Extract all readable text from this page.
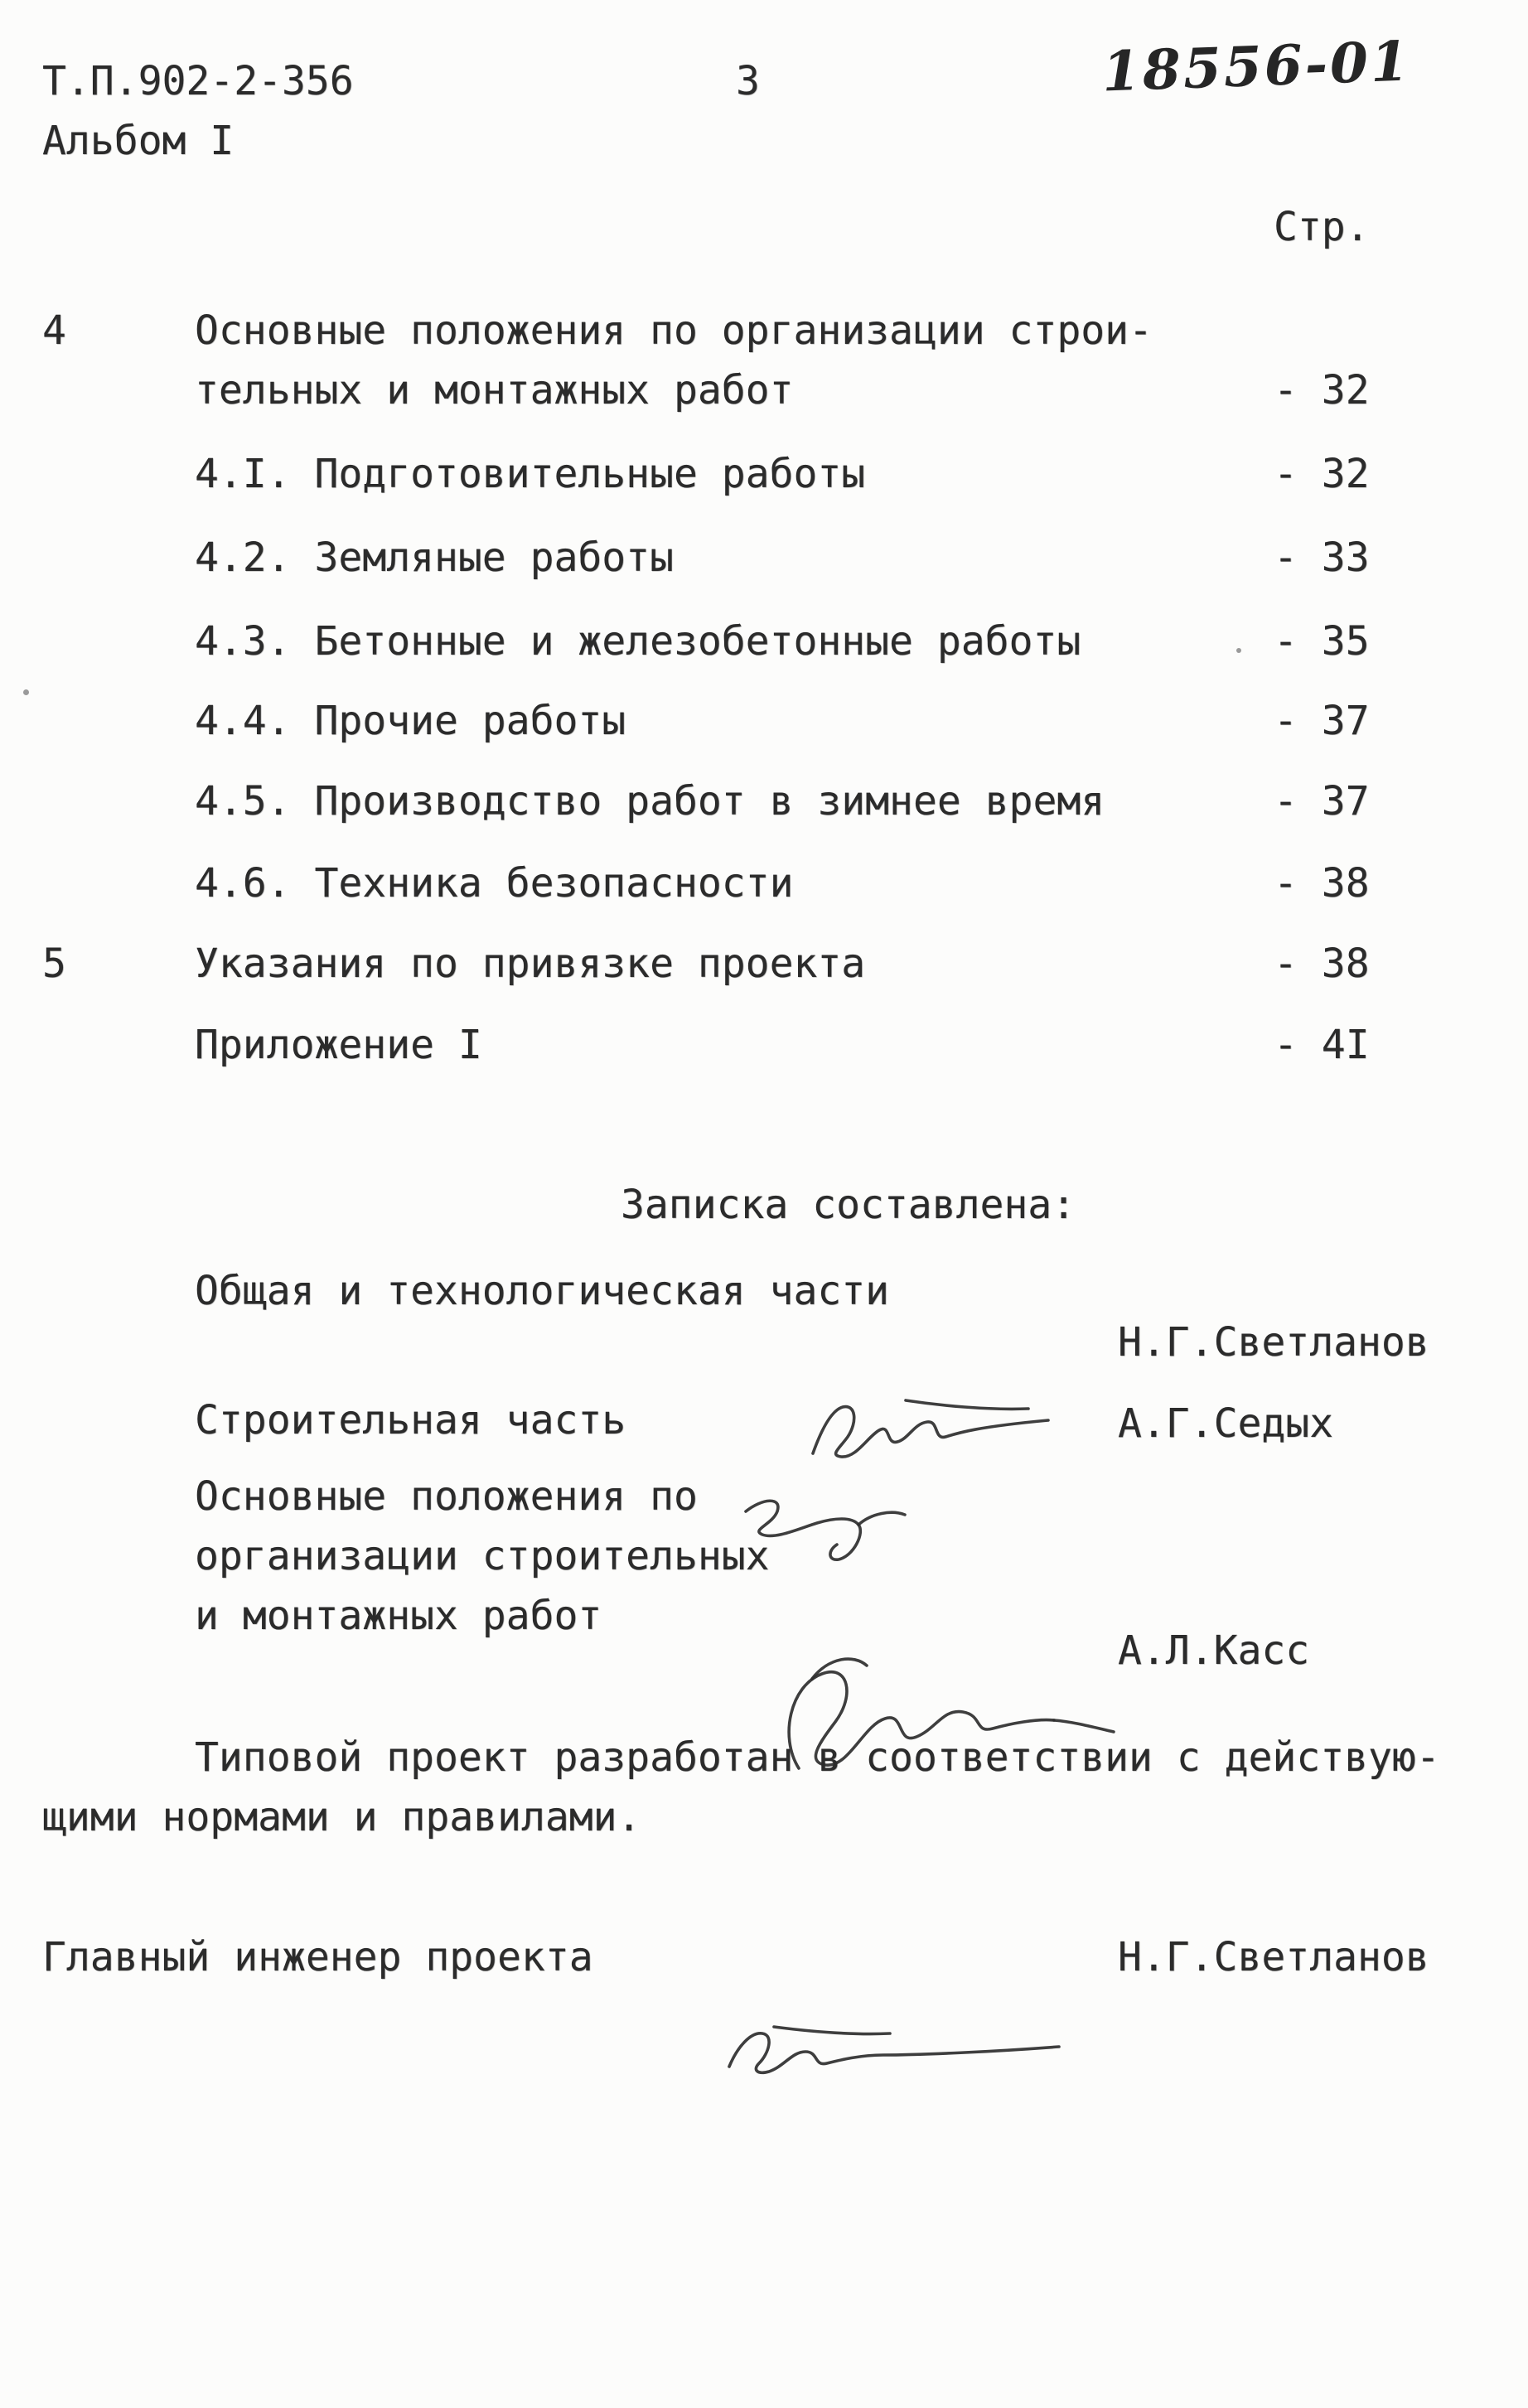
Т.П.902-2-356
Альбом I
3	18556-01
Стр.
4	Основные положения по организации строи-
тельных и монтажных работ	- 32
4.I. Подготовительные работы	- 32
4.2. Земляные работы	- 33
4.3. Бетонные и железобетонные работы	- 35
4.4. Прочие работы	- 37
4.5. Производство работ в зимнее время	- 37
4.6. Техника безопасности	- 38
5	Указания по привязке проекта	- 38
Приложение I	- 4I
Записка составлена:
Общая и технологическая части

Н.Г.Светланов
Строительная часть

	А.Г.Седых
Основные положения по
организации строительных
и монтажных работ

А.Л.Касс
Типовой проект разработан в соответствии с действую-
щими нормами и правилами.
Главный инженер проекта

	Н.Г.Светланов
